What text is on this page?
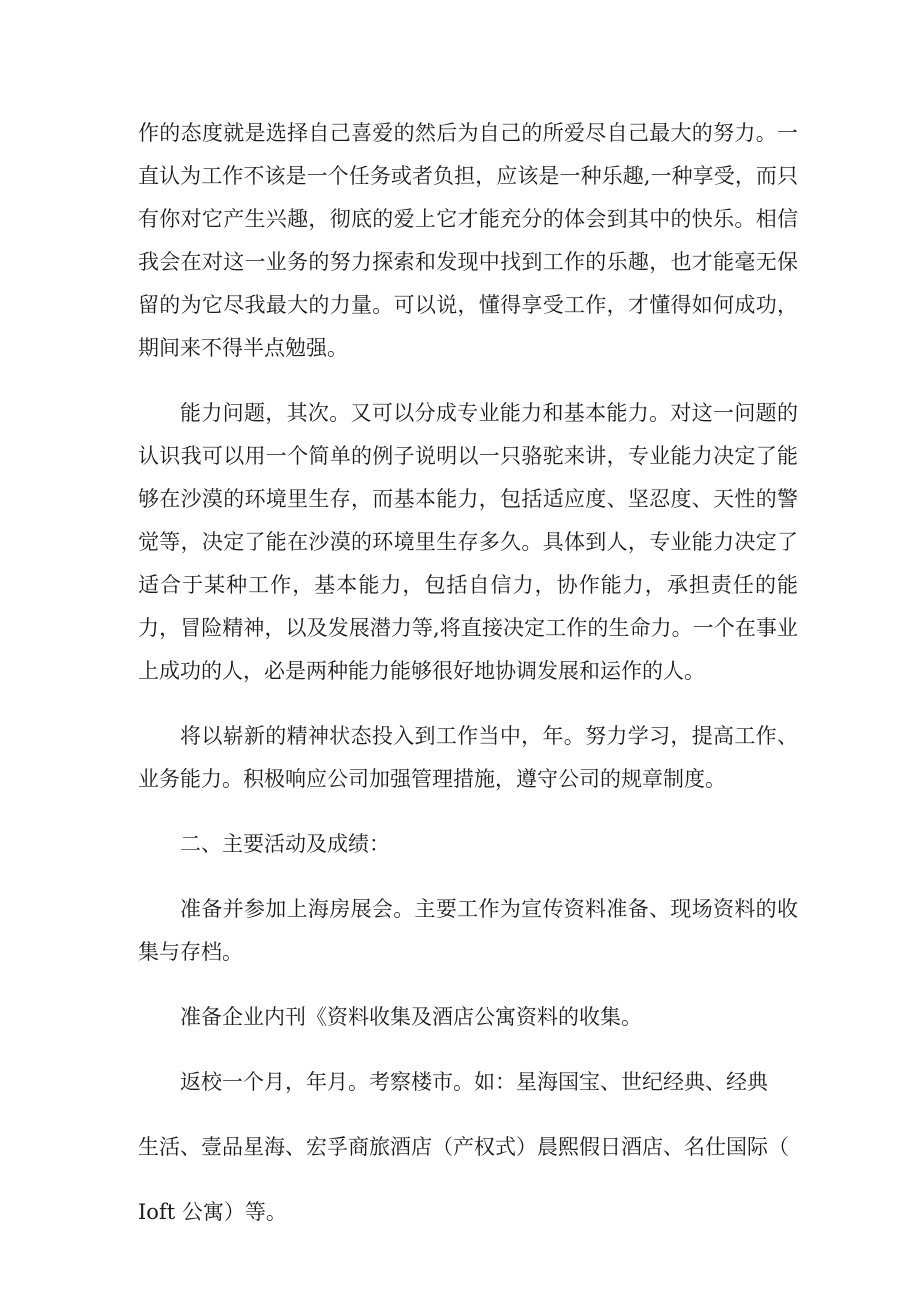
作的态度就是选择自己喜爱的然后为自己的所爱尽自己最大的努力。一直认为工作不该是一个任务或者负担，应该是一种乐趣,一种享受，而只有你对它产生兴趣，彻底的爱上它才能充分的体会到其中的快乐。相信我会在对这一业务的努力探索和发现中找到工作的乐趣，也才能毫无保留的为它尽我最大的力量。可以说，懂得享受工作，才懂得如何成功，期间来不得半点勉强。

能力问题，其次。又可以分成专业能力和基本能力。对这一问题的认识我可以用一个简单的例子说明以一只骆驼来讲，专业能力决定了能够在沙漠的环境里生存，而基本能力，包括适应度、坚忍度、天性的警觉等，决定了能在沙漠的环境里生存多久。具体到人，专业能力决定了适合于某种工作，基本能力，包括自信力，协作能力，承担责任的能力，冒险精神，以及发展潜力等,将直接决定工作的生命力。一个在事业上成功的人，必是两种能力能够很好地协调发展和运作的人。

将以崭新的精神状态投入到工作当中，年。努力学习，提高工作、业务能力。积极响应公司加强管理措施，遵守公司的规章制度。

二、主要活动及成绩：

准备并参加上海房展会。主要工作为宣传资料准备、现场资料的收集与存档。

准备企业内刊《资料收集及酒店公寓资料的收集。

返校一个月，年月。考察楼市。如：星海国宝、世纪经典、经典

生活、壹品星海、宏孚商旅酒店（产权式）晨熙假日酒店、名仕国际（

Ioft 公寓）等。
